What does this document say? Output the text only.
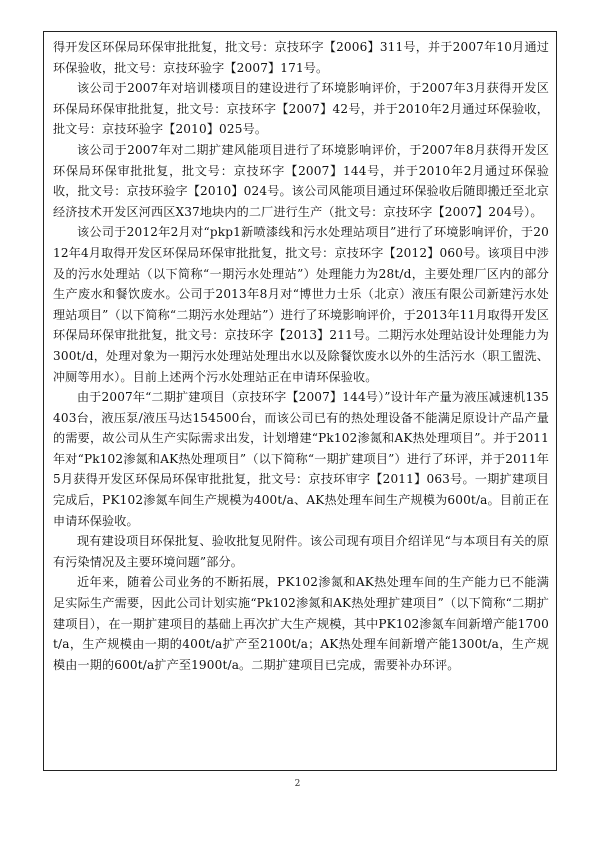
得开发区环保局环保审批批复，批文号：京技环字【2006】311号，并于2007年10月通过环保验收，批文号：京技环验字【2007】171号。

该公司于2007年对培训楼项目的建设进行了环境影响评价，于2007年3月获得开发区环保局环保审批批复，批文号：京技环字【2007】42号，并于2010年2月通过环保验收，批文号：京技环验字【2010】025号。

该公司于2007年对二期扩建风能项目进行了环境影响评价，于2007年8月获得开发区环保局环保审批批复，批文号：京技环字【2007】144号，并于2010年2月通过环保验收，批文号：京技环验字【2010】024号。该公司风能项目通过环保验收后随即搬迁至北京经济技术开发区河西区X37地块内的二厂进行生产（批文号：京技环字【2007】204号）。

该公司于2012年2月对“pkp1新喷漆线和污水处理站项目”进行了环境影响评价，于2012年4月取得开发区环保局环保审批批复，批文号：京技环字【2012】060号。该项目中涉及的污水处理站（以下简称“一期污水处理站”）处理能力为28t/d，主要处理厂区内的部分生产废水和餐饮废水。公司于2013年8月对“博世力士乐（北京）液压有限公司新建污水处理站项目”（以下简称“二期污水处理站”）进行了环境影响评价，于2013年11月取得开发区环保局环保审批批复，批文号：京技环字【2013】211号。二期污水处理站设计处理能力为300t/d，处理对象为一期污水处理站处理出水以及除餐饮废水以外的生活污水（职工盥洗、冲厕等用水）。目前上述两个污水处理站正在申请环保验收。

由于2007年“二期扩建项目（京技环字【2007】144号）”设计年产量为液压减速机135403台，液压泵/液压马达154500台，而该公司已有的热处理设备不能满足原设计产品产量的需要，故公司从生产实际需求出发，计划增建“Pk102渗氮和AK热处理项目”。并于2011年对“Pk102渗氮和AK热处理项目”（以下简称“一期扩建项目”）进行了环评，并于2011年5月获得开发区环保局环保审批批复，批文号：京技环审字【2011】063号。一期扩建项目完成后，PK102渗氮车间生产规模为400t/a、AK热处理车间生产规模为600t/a。目前正在申请环保验收。

现有建设项目环保批复、验收批复见附件。该公司现有项目介绍详见“与本项目有关的原有污染情况及主要环境问题”部分。

近年来，随着公司业务的不断拓展，PK102渗氮和AK热处理车间的生产能力已不能满足实际生产需要，因此公司计划实施“Pk102渗氮和AK热处理扩建项目”（以下简称“二期扩建项目），在一期扩建项目的基础上再次扩大生产规模，其中PK102渗氮车间新增产能1700t/a，生产规模由一期的400t/a扩产至2100t/a；AK热处理车间新增产能1300t/a，生产规模由一期的600t/a扩产至1900t/a。二期扩建项目已完成，需要补办环评。

2
